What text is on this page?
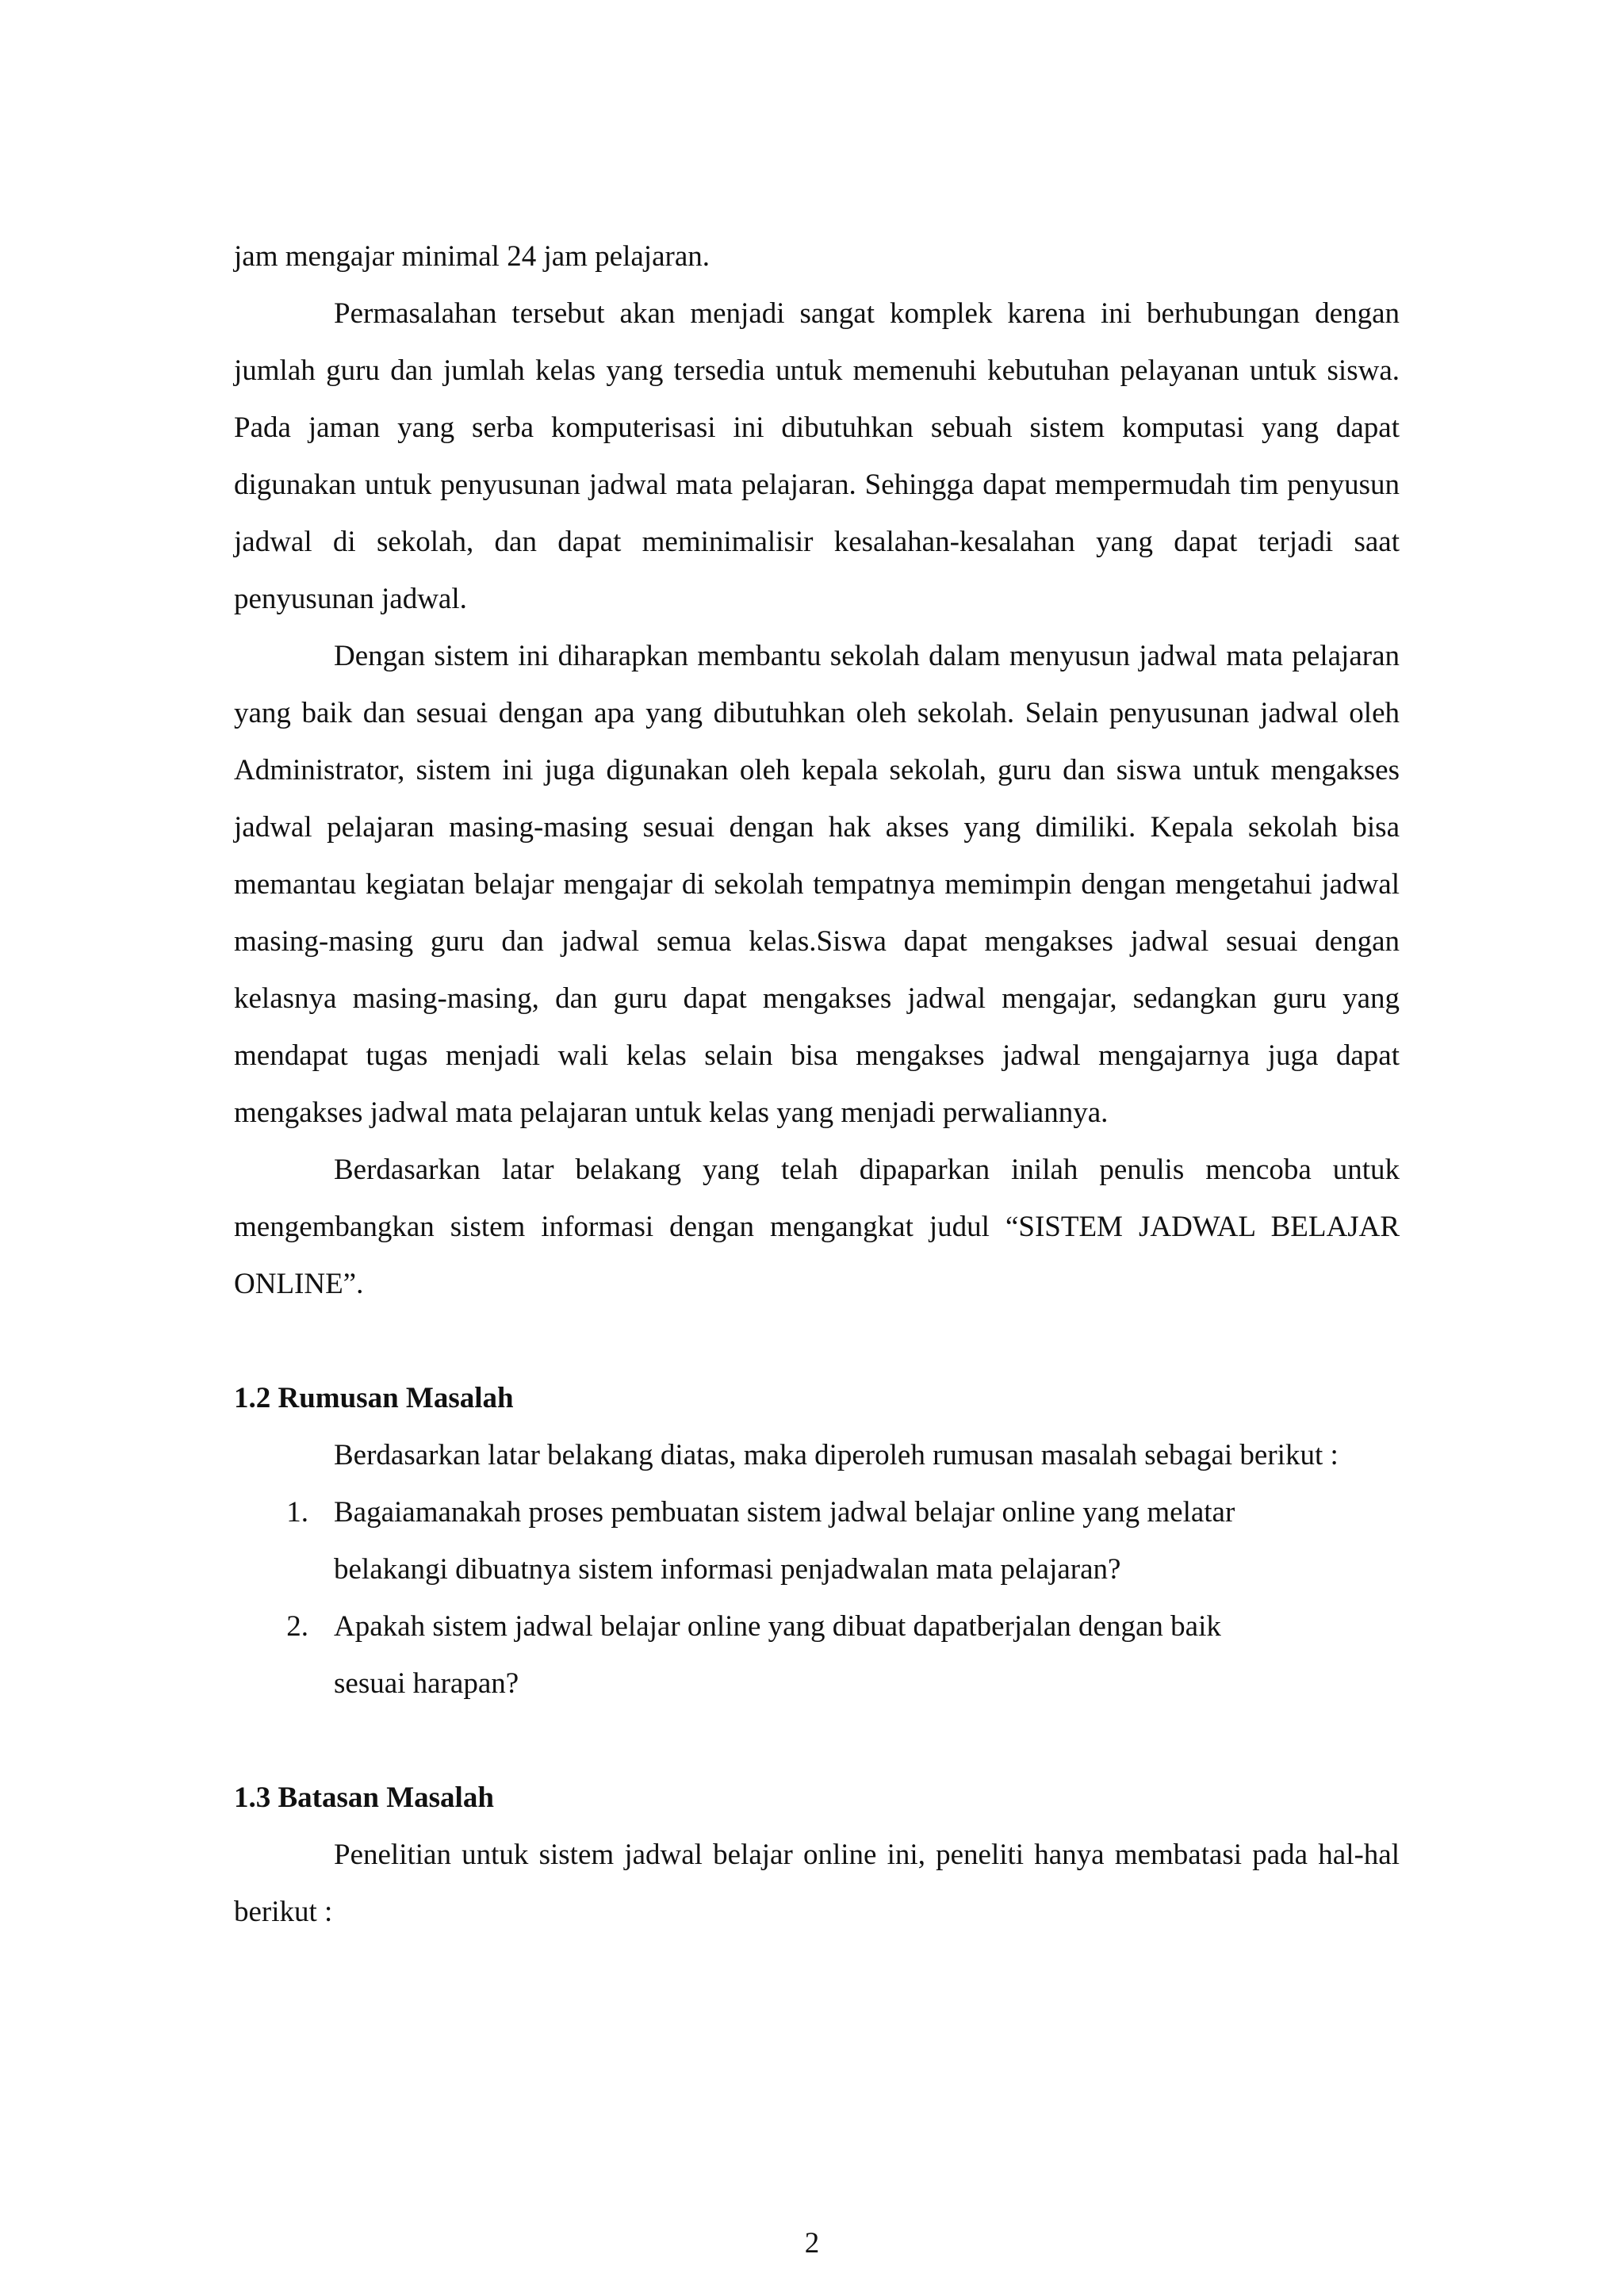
jam mengajar minimal 24 jam pelajaran.

Permasalahan tersebut akan menjadi sangat komplek karena ini berhubungan dengan jumlah guru dan jumlah kelas yang tersedia untuk memenuhi kebutuhan pelayanan untuk siswa. Pada jaman yang serba komputerisasi ini dibutuhkan sebuah sistem komputasi yang dapat digunakan untuk penyusunan jadwal mata pelajaran. Sehingga dapat mempermudah tim penyusun jadwal di sekolah, dan dapat meminimalisir kesalahan-kesalahan yang dapat terjadi saat penyusunan jadwal.

Dengan sistem ini diharapkan membantu sekolah dalam menyusun jadwal mata pelajaran yang baik dan sesuai dengan apa yang dibutuhkan oleh sekolah. Selain penyusunan jadwal oleh Administrator, sistem ini juga digunakan oleh kepala sekolah, guru dan siswa untuk mengakses jadwal pelajaran masing-masing sesuai dengan hak akses yang dimiliki. Kepala sekolah bisa memantau kegiatan belajar mengajar di sekolah tempatnya memimpin dengan mengetahui jadwal masing-masing guru dan jadwal semua kelas.Siswa dapat mengakses jadwal sesuai dengan kelasnya masing-masing, dan guru dapat mengakses jadwal mengajar, sedangkan guru yang mendapat tugas menjadi wali kelas selain bisa mengakses jadwal mengajarnya juga dapat mengakses jadwal mata pelajaran untuk kelas yang menjadi perwaliannya.

Berdasarkan latar belakang yang telah dipaparkan inilah penulis mencoba untuk mengembangkan sistem informasi dengan mengangkat judul “SISTEM JADWAL BELAJAR ONLINE”.

1.2 Rumusan Masalah

Berdasarkan latar belakang diatas, maka diperoleh rumusan masalah sebagai berikut :

1. Bagaiamanakah proses pembuatan sistem jadwal belajar online yang melatar belakangi dibuatnya sistem informasi penjadwalan mata pelajaran?
2. Apakah sistem jadwal belajar online yang dibuat dapatberjalan dengan baik sesuai harapan?
1.3 Batasan Masalah

Penelitian untuk sistem jadwal belajar online ini, peneliti hanya membatasi pada hal-hal berikut :

2
